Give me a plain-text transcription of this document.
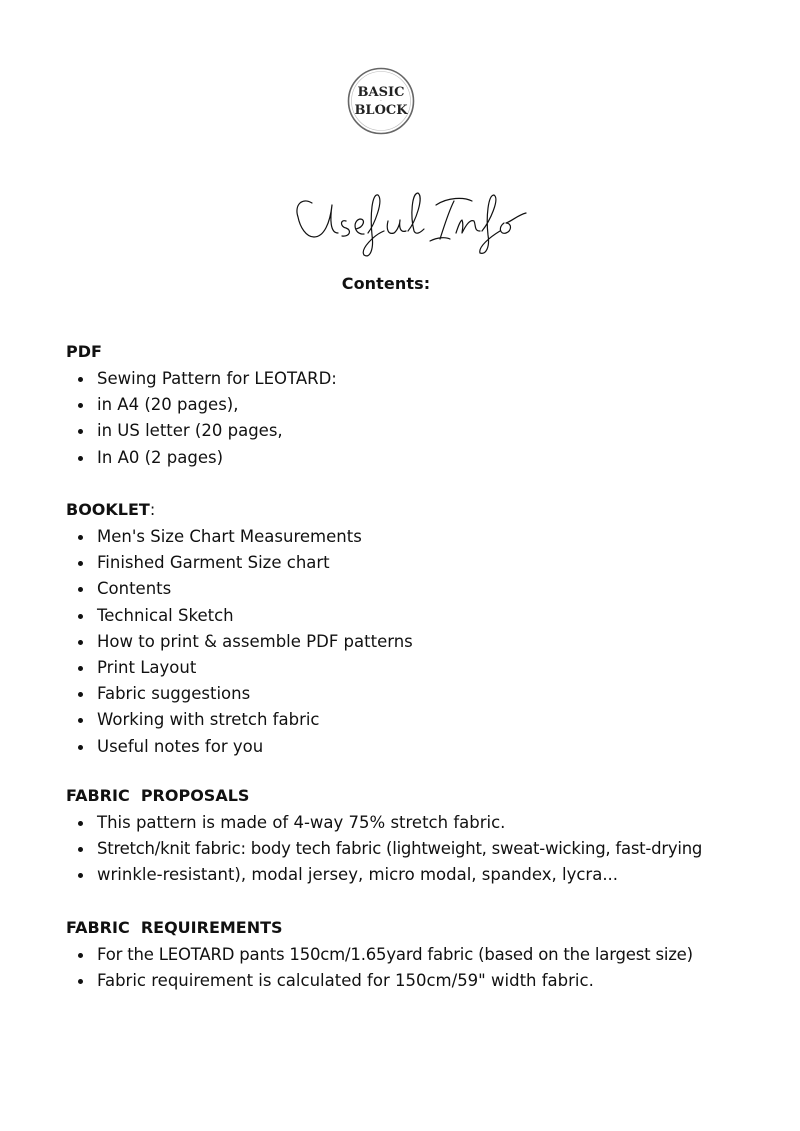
BASIC
·
BLOCK
Contents:

PDF

Sewing Pattern for LEOTARD:
in A4 (20 pages),
in US letter (20 pages,
In A0 (2 pages)

BOOKLET:

Men's Size Chart Measurements
Finished Garment Size chart
Contents
Technical Sketch
How to print & assemble PDF patterns
Print Layout
Fabric suggestions
Working with stretch fabric
Useful notes for you

FABRIC  PROPOSALS

This pattern is made of 4-way 75% stretch fabric.
Stretch/knit fabric: body tech fabric (lightweight, sweat-wicking, fast-drying
wrinkle-resistant), modal jersey, micro modal, spandex, lycra...

FABRIC  REQUIREMENTS

For the LEOTARD pants 150cm/1.65yard fabric (based on the largest size)
Fabric requirement is calculated for 150cm/59" width fabric.
